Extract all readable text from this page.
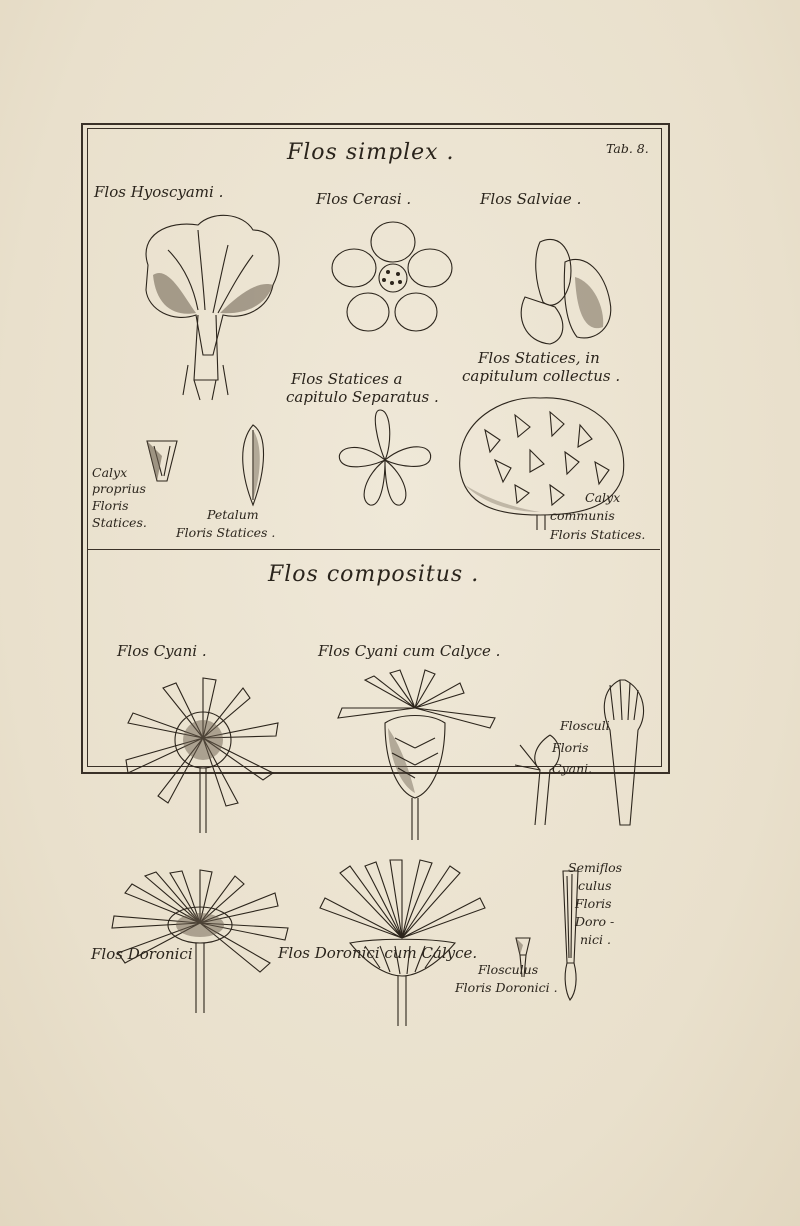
Flos simplex .	Tab. 8.
Flos compositus .
Flos Hyoscyami .	Flos Cerasi .	Flos Salviae .
Flos Statices a
capitulo Separatus .
Flos Statices, in
capitulum collectus .
Calyx
proprius
Floris
Statices.
Petalum
Floris Statices .
Calyx
communis
Floris Statices.
Flos Cyani .	Flos Cyani cum Calyce .
Flosculi
Floris
Cyani.
Flos Doronici	Flos Doronici cum Calyce.
Flosculus
Floris Doronici .
Semiflos
culus
Floris
Doro -
nici .
